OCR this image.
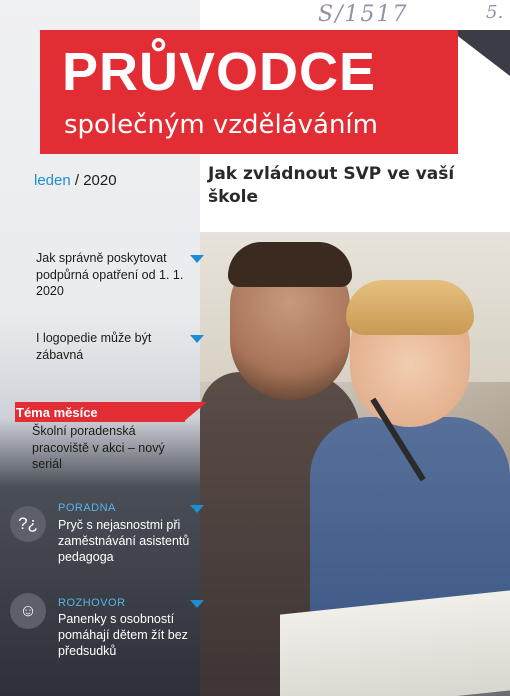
S/1517	5.
PRŮVODCE
společným vzděláváním
leden / 2020	Jak zvládnout SVP ve vaší škole
Jak správně poskytovat podpůrná opatření od 1. 1. 2020
I logopedie může být zábavná
Téma měsíce
Školní poradenská pracoviště v akci – nový seriál
?¿
PORADNA
Pryč s nejasnostmi při zaměstnávání asistentů pedagoga
☺	ROZHOVOR
Panenky s osobností pomáhají dětem žít bez předsudků
